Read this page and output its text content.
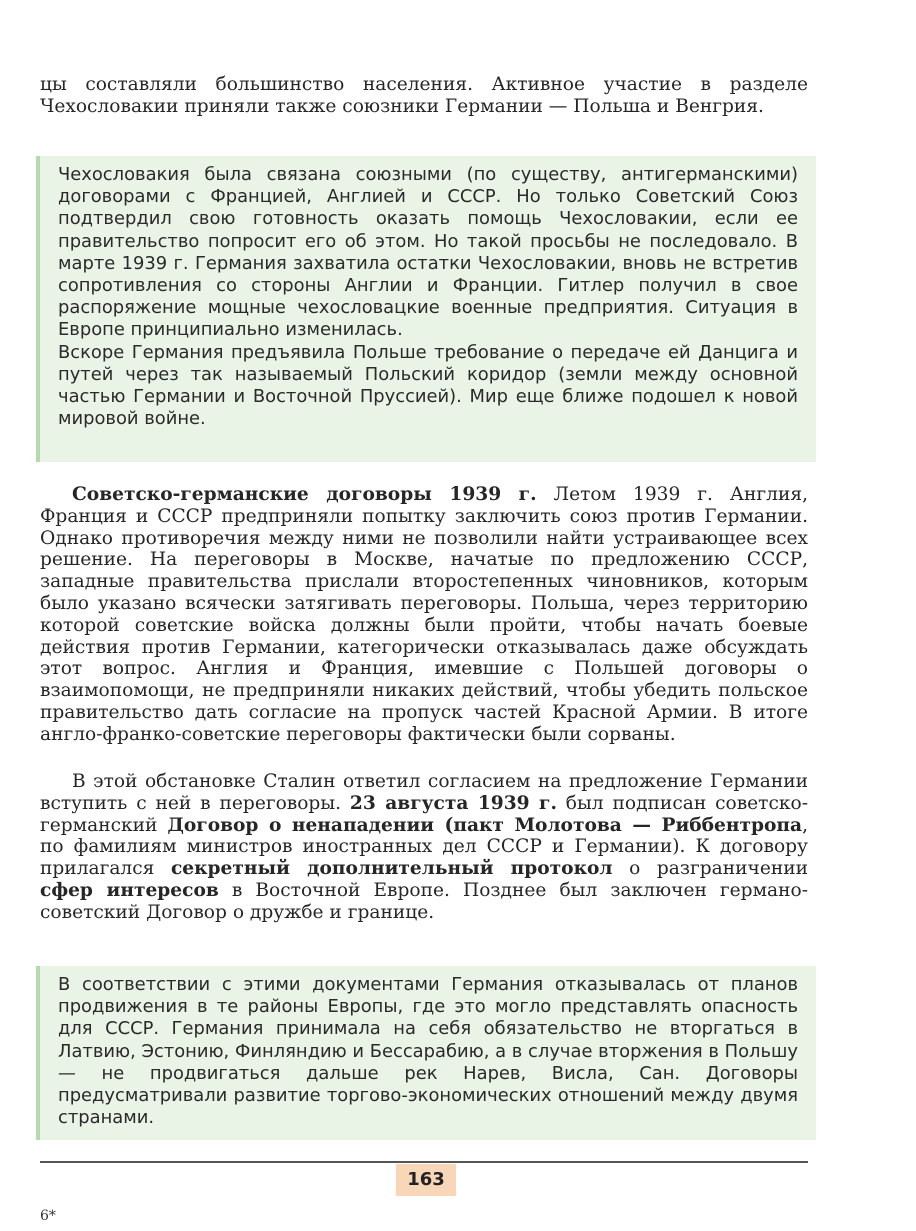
цы составляли большинство населения. Активное участие в разделе Чехословакии приняли также союзники Германии — Польша и Венгрия.

Чехословакия была связана союзными (по существу, антигерманскими) договорами с Францией, Англией и СССР. Но только Советский Союз подтвердил свою готовность оказать помощь Чехословакии, если ее правительство попросит его об этом. Но такой просьбы не последовало. В марте 1939 г. Германия захватила остатки Чехословакии, вновь не встретив сопротивления со стороны Англии и Франции. Гитлер получил в свое распоряжение мощные чехословацкие военные предприятия. Ситуация в Европе принципиально изменилась.

Вскоре Германия предъявила Польше требование о передаче ей Данцига и путей через так называемый Польский коридор (земли между основной частью Германии и Восточной Пруссией). Мир еще ближе подошел к новой мировой войне.

Советско-германские договоры 1939 г. Летом 1939 г. Англия, Франция и СССР предприняли попытку заключить союз против Германии. Однако противоречия между ними не позволили найти устраивающее всех решение. На переговоры в Москве, начатые по предложению СССР, западные правительства прислали второстепенных чиновников, которым было указано всячески затягивать переговоры. Польша, через территорию которой советские войска должны были пройти, чтобы начать боевые действия против Германии, категорически отказывалась даже обсуждать этот вопрос. Англия и Франция, имевшие с Польшей договоры о взаимопомощи, не предприняли никаких действий, чтобы убедить польское правительство дать согласие на пропуск частей Красной Армии. В итоге англо-франко-советские переговоры фактически были сорваны.

В этой обстановке Сталин ответил согласием на предложение Германии вступить с ней в переговоры. 23 августа 1939 г. был подписан советско-германский Договор о ненападении (пакт Молотова — Риббентропа, по фамилиям министров иностранных дел СССР и Германии). К договору прилагался секретный дополнительный протокол о разграничении сфер интересов в Восточной Европе. Позднее был заключен германо-советский Договор о дружбе и границе.

В соответствии с этими документами Германия отказывалась от планов продвижения в те районы Европы, где это могло представлять опасность для СССР. Германия принимала на себя обязательство не вторгаться в Латвию, Эстонию, Финляндию и Бессарабию, а в случае вторжения в Польшу — не продвигаться дальше рек Нарев, Висла, Сан. Договоры предусматривали развитие торгово-экономических отношений между двумя странами.

163
6*
